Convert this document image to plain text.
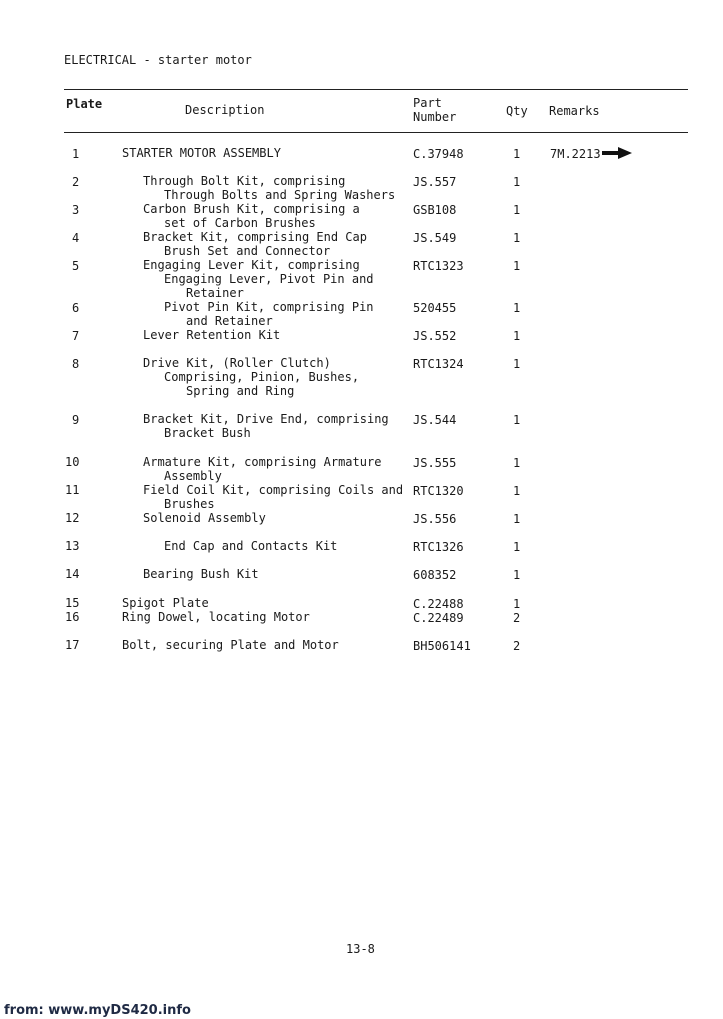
ELECTRICAL - starter motor
Plate	Description	Part
Number	Qty Remarks
1	STARTER MOTOR ASSEMBLY	C.37948	1 7M.2213
2	Through Bolt Kit, comprising
Through Bolts and Spring Washers
JS.557	1
3	Carbon Brush Kit, comprising a
set of Carbon Brushes
GSB108	1
4	Bracket Kit, comprising End Cap
Brush Set and Connector
JS.549	1
5	Engaging Lever Kit, comprising
Engaging Lever, Pivot Pin and
Retainer
RTC1323	1
6	Pivot Pin Kit, comprising Pin
and Retainer
520455	1
7	Lever Retention Kit	JS.552	1
8	Drive Kit, (Roller Clutch)
Comprising, Pinion, Bushes,
Spring and Ring
RTC1324	1
9	Bracket Kit, Drive End, comprising
Bracket Bush
JS.544	1
10	Armature Kit, comprising Armature
Assembly
JS.555	1
11	Field Coil Kit, comprising Coils and
Brushes
RTC1320	1
12	Solenoid Assembly	JS.556	1
13	End Cap and Contacts Kit	RTC1326	1
14	Bearing Bush Kit	608352	1
15	Spigot Plate	C.22488	1
16	Ring Dowel, locating Motor	C.22489	2
17	Bolt, securing Plate and Motor	BH506141	2
13-8
from: www.myDS420.info
